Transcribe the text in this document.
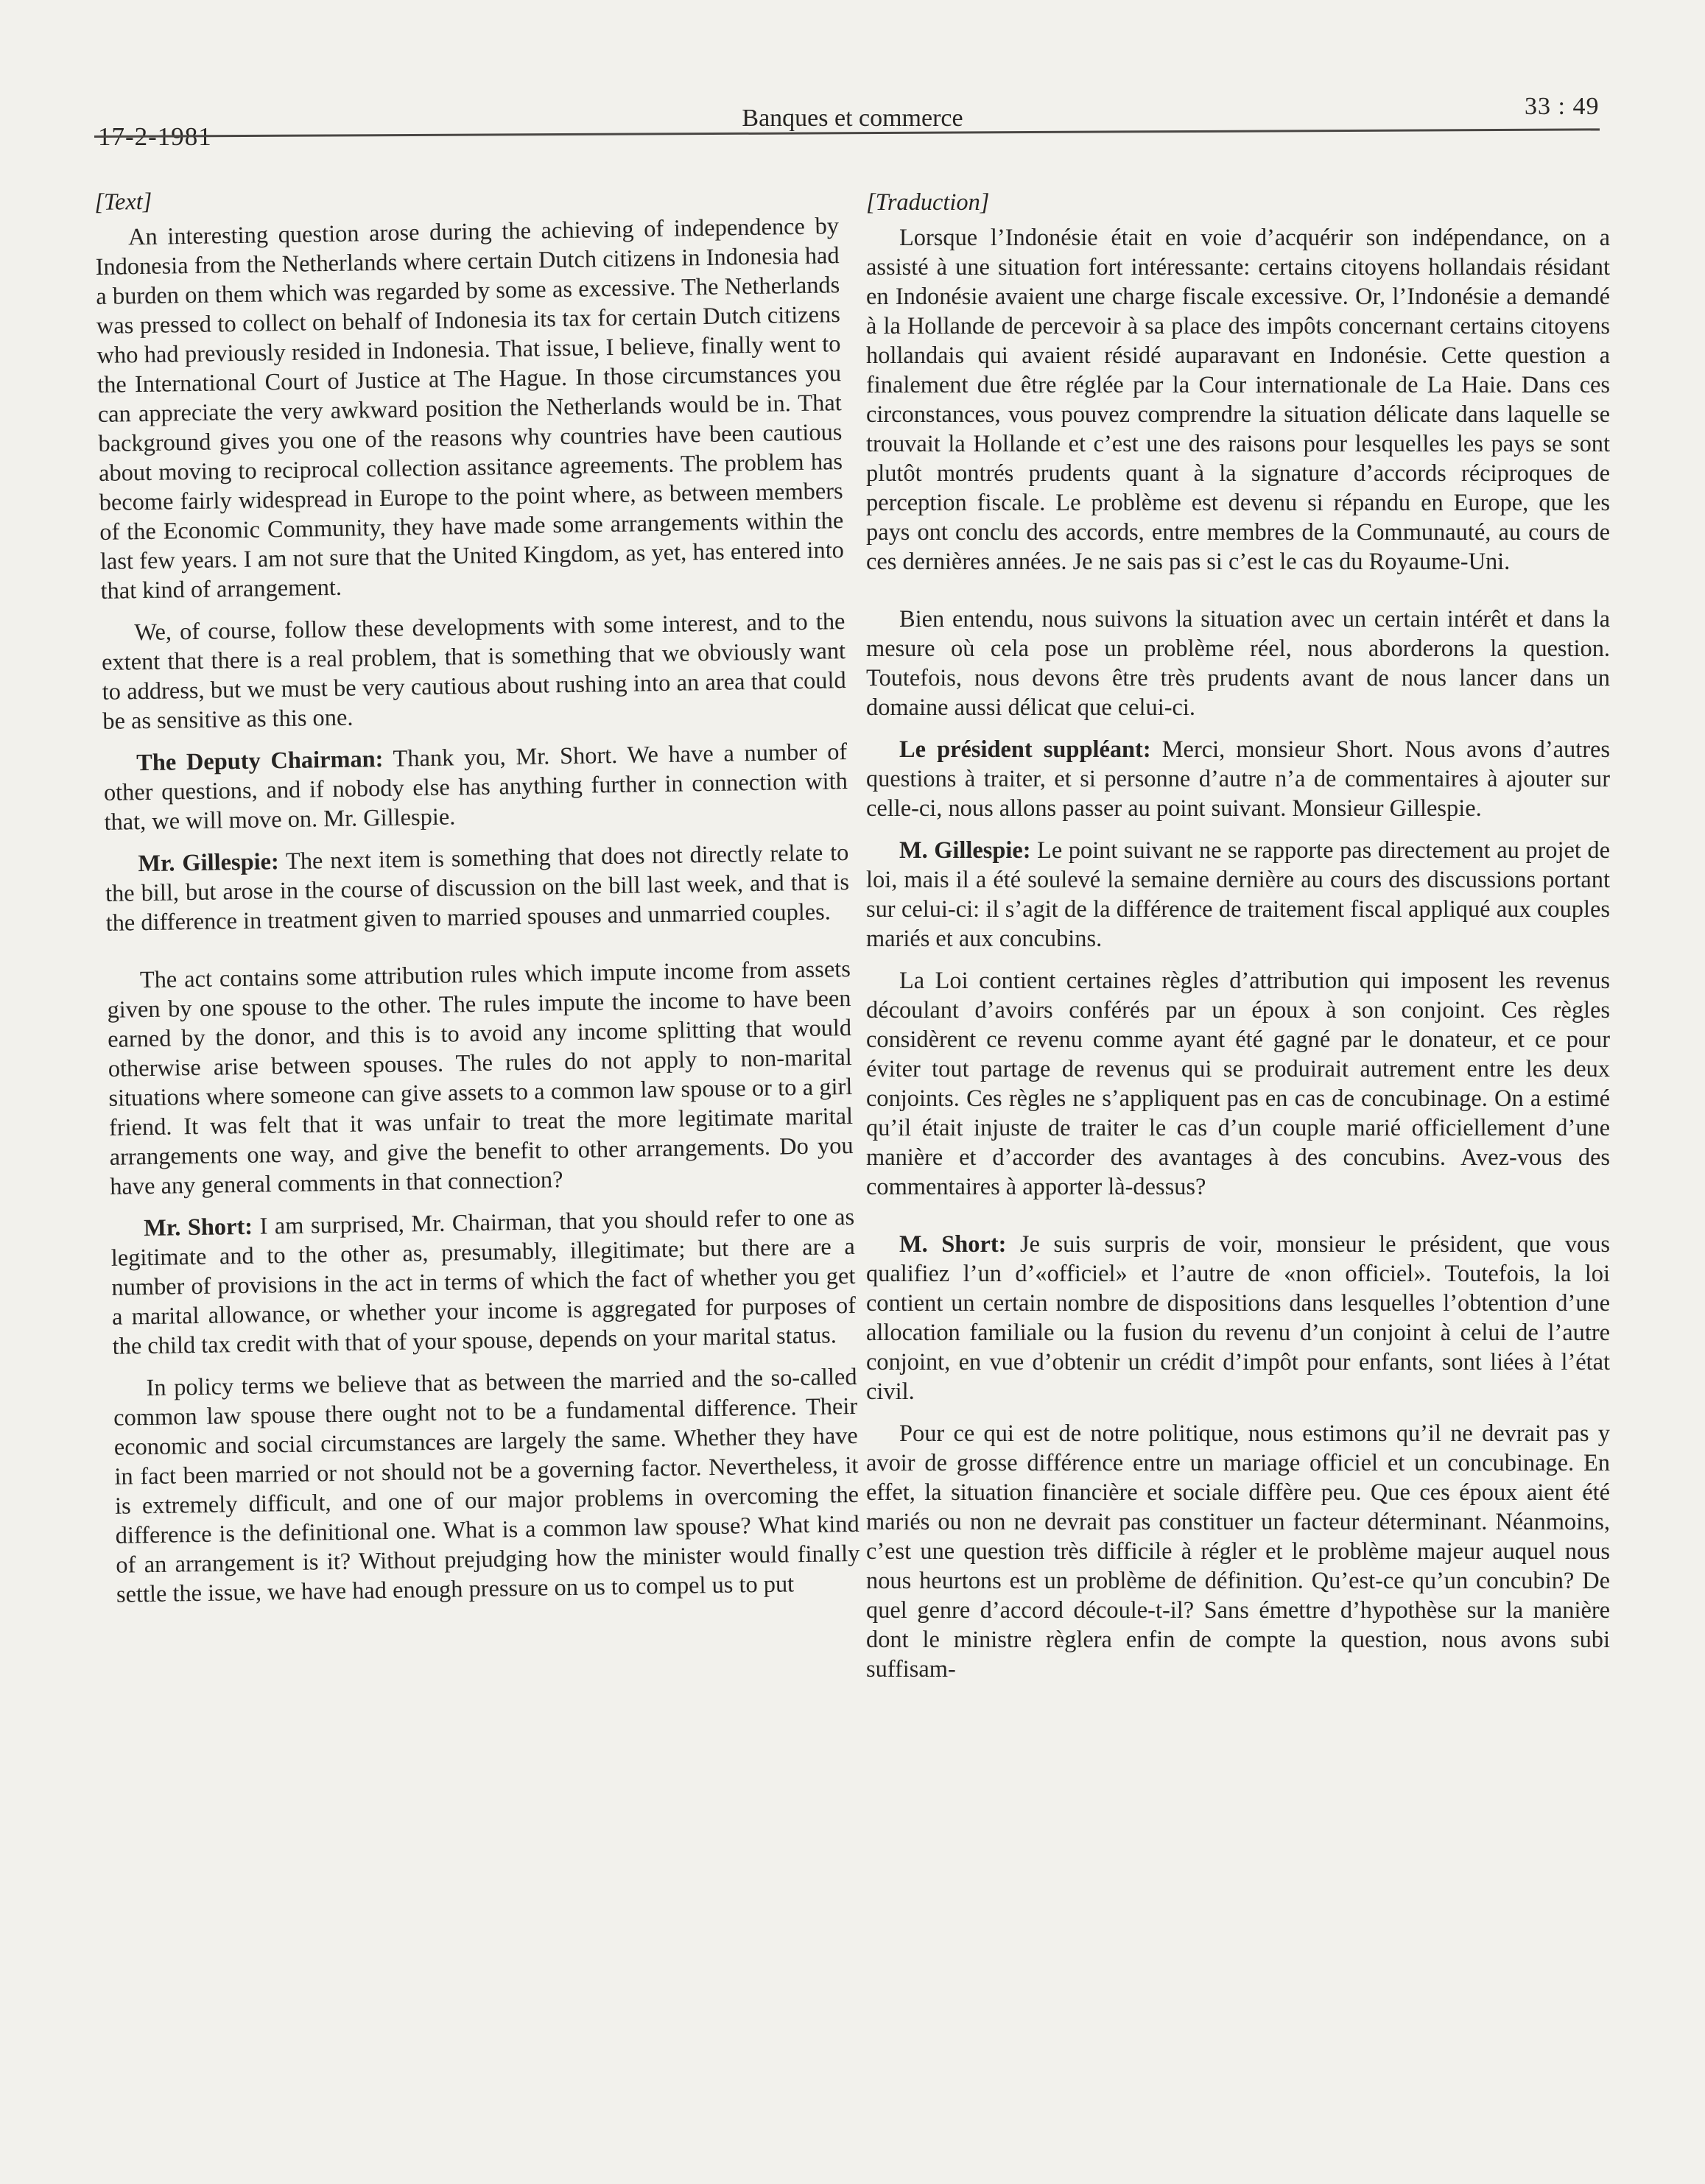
17-2-1981
Banques et commerce	33 : 49

[Text]

An interesting question arose during the achieving of independence by Indonesia from the Netherlands where certain Dutch citizens in Indonesia had a burden on them which was regarded by some as excessive. The Netherlands was pressed to collect on behalf of Indonesia its tax for certain Dutch citizens who had previously resided in Indonesia. That issue, I believe, finally went to the International Court of Justice at The Hague. In those circumstances you can appreciate the very awkward position the Netherlands would be in. That background gives you one of the reasons why countries have been cautious about moving to reciprocal collection assitance agreements. The problem has become fairly widespread in Europe to the point where, as between members of the Economic Community, they have made some arrangements within the last few years. I am not sure that the United Kingdom, as yet, has entered into that kind of arrangement.

We, of course, follow these developments with some interest, and to the extent that there is a real problem, that is something that we obviously want to address, but we must be very cautious about rushing into an area that could be as sensitive as this one.

The Deputy Chairman: Thank you, Mr. Short. We have a number of other questions, and if nobody else has anything further in connection with that, we will move on. Mr. Gillespie.

Mr. Gillespie: The next item is something that does not directly relate to the bill, but arose in the course of discussion on the bill last week, and that is the difference in treatment given to married spouses and unmarried couples.

The act contains some attribution rules which impute income from assets given by one spouse to the other. The rules impute the income to have been earned by the donor, and this is to avoid any income splitting that would otherwise arise between spouses. The rules do not apply to non-marital situations where someone can give assets to a common law spouse or to a girl friend. It was felt that it was unfair to treat the more legitimate marital arrangements one way, and give the benefit to other arrangements. Do you have any general comments in that connection?

Mr. Short: I am surprised, Mr. Chairman, that you should refer to one as legitimate and to the other as, presumably, illegitimate; but there are a number of provisions in the act in terms of which the fact of whether you get a marital allowance, or whether your income is aggregated for purposes of the child tax credit with that of your spouse, depends on your marital status.

In policy terms we believe that as between the married and the so-called common law spouse there ought not to be a fundamental difference. Their economic and social circumstances are largely the same. Whether they have in fact been married or not should not be a governing factor. Nevertheless, it is extremely difficult, and one of our major problems in overcoming the difference is the definitional one. What is a common law spouse? What kind of an arrangement is it? Without prejudging how the minister would finally settle the issue, we have had enough pressure on us to compel us to put

[Traduction]

Lorsque l’Indonésie était en voie d’acquérir son indépendance, on a assisté à une situation fort intéressante: certains citoyens hollandais résidant en Indonésie avaient une charge fiscale excessive. Or, l’Indonésie a demandé à la Hollande de percevoir à sa place des impôts concernant certains citoyens hollandais qui avaient résidé auparavant en Indonésie. Cette question a finalement due être réglée par la Cour internationale de La Haie. Dans ces circonstances, vous pouvez comprendre la situation délicate dans laquelle se trouvait la Hollande et c’est une des raisons pour lesquelles les pays se sont plutôt montrés prudents quant à la signature d’accords réciproques de perception fiscale. Le problème est devenu si répandu en Europe, que les pays ont conclu des accords, entre membres de la Communauté, au cours de ces dernières années. Je ne sais pas si c’est le cas du Royaume-Uni.

Bien entendu, nous suivons la situation avec un certain intérêt et dans la mesure où cela pose un problème réel, nous aborderons la question. Toutefois, nous devons être très prudents avant de nous lancer dans un domaine aussi délicat que celui-ci.

Le président suppléant: Merci, monsieur Short. Nous avons d’autres questions à traiter, et si personne d’autre n’a de commentaires à ajouter sur celle-ci, nous allons passer au point suivant. Monsieur Gillespie.

M. Gillespie: Le point suivant ne se rapporte pas directement au projet de loi, mais il a été soulevé la semaine dernière au cours des discussions portant sur celui-ci: il s’agit de la différence de traitement fiscal appliqué aux couples mariés et aux concubins.

La Loi contient certaines règles d’attribution qui imposent les revenus découlant d’avoirs conférés par un époux à son conjoint. Ces règles considèrent ce revenu comme ayant été gagné par le donateur, et ce pour éviter tout partage de revenus qui se produirait autrement entre les deux conjoints. Ces règles ne s’appliquent pas en cas de concubinage. On a estimé qu’il était injuste de traiter le cas d’un couple marié officiellement d’une manière et d’accorder des avantages à des concubins. Avez-vous des commentaires à apporter là-dessus?

M. Short: Je suis surpris de voir, monsieur le président, que vous qualifiez l’un d’«officiel» et l’autre de «non officiel». Toutefois, la loi contient un certain nombre de dispositions dans lesquelles l’obtention d’une allocation familiale ou la fusion du revenu d’un conjoint à celui de l’autre conjoint, en vue d’obtenir un crédit d’impôt pour enfants, sont liées à l’état civil.

Pour ce qui est de notre politique, nous estimons qu’il ne devrait pas y avoir de grosse différence entre un mariage officiel et un concubinage. En effet, la situation financière et sociale diffère peu. Que ces époux aient été mariés ou non ne devrait pas constituer un facteur déterminant. Néanmoins, c’est une question très difficile à régler et le problème majeur auquel nous nous heurtons est un problème de définition. Qu’est-ce qu’un concubin? De quel genre d’accord découle-t-il? Sans émettre d’hypothèse sur la manière dont le ministre règlera enfin de compte la question, nous avons subi suffisam-
